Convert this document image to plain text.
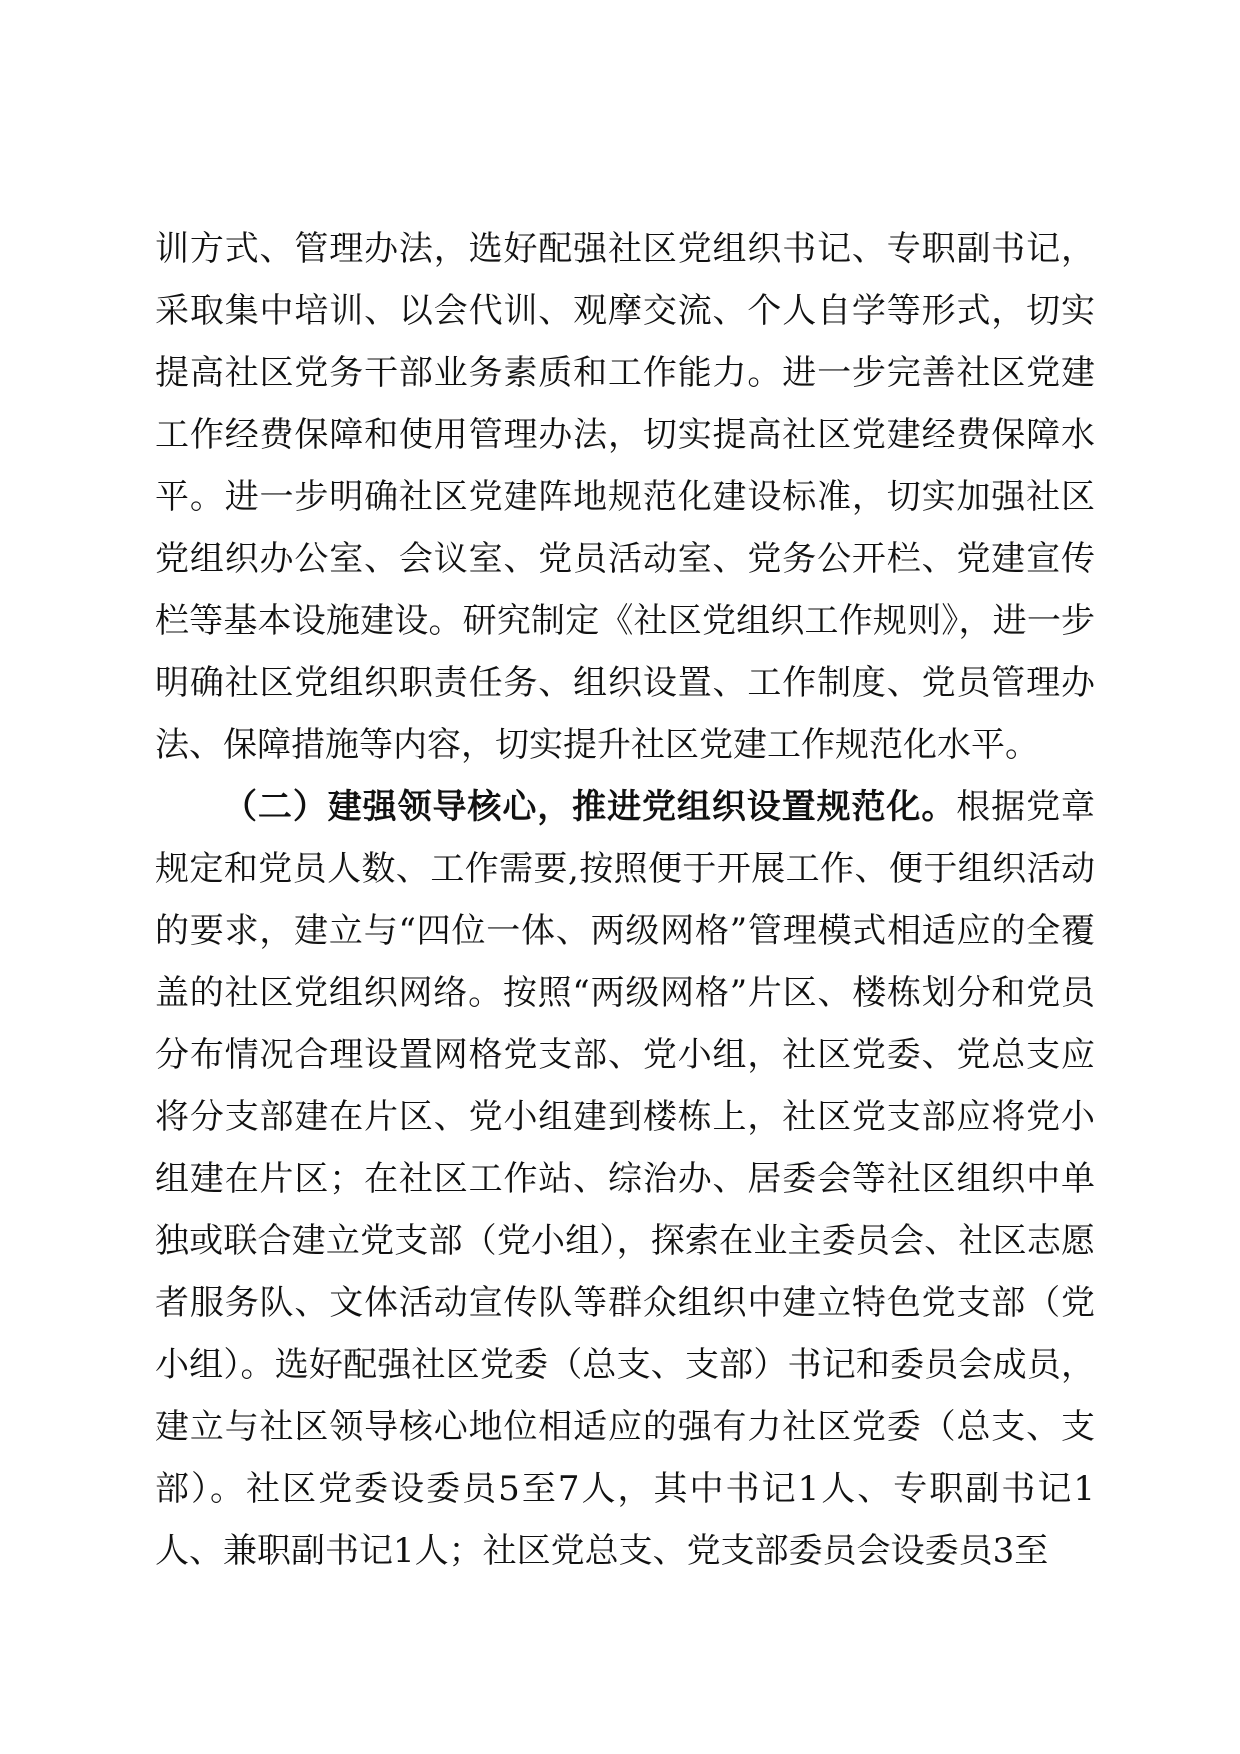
训方式、管理办法，选好配强社区党组织书记、专职副书记，采取集中培训、以会代训、观摩交流、个人自学等形式，切实提高社区党务干部业务素质和工作能力。进一步完善社区党建工作经费保障和使用管理办法，切实提高社区党建经费保障水平。进一步明确社区党建阵地规范化建设标准，切实加强社区党组织办公室、会议室、党员活动室、党务公开栏、党建宣传栏等基本设施建设。研究制定《社区党组织工作规则》，进一步明确社区党组织职责任务、组织设置、工作制度、党员管理办法、保障措施等内容，切实提升社区党建工作规范化水平。

（二）建强领导核心，推进党组织设置规范化。根据党章规定和党员人数、工作需要,按照便于开展工作、便于组织活动的要求，建立与“四位一体、两级网格”管理模式相适应的全覆盖的社区党组织网络。按照“两级网格”片区、楼栋划分和党员分布情况合理设置网格党支部、党小组，社区党委、党总支应将分支部建在片区、党小组建到楼栋上，社区党支部应将党小组建在片区；在社区工作站、综治办、居委会等社区组织中单独或联合建立党支部（党小组），探索在业主委员会、社区志愿者服务队、文体活动宣传队等群众组织中建立特色党支部（党小组）。选好配强社区党委（总支、支部）书记和委员会成员，建立与社区领导核心地位相适应的强有力社区党委（总支、支部）。社区党委设委员5至7人，其中书记1人、专职副书记1人、兼职副书记1人；社区党总支、党支部委员会设委员3至
